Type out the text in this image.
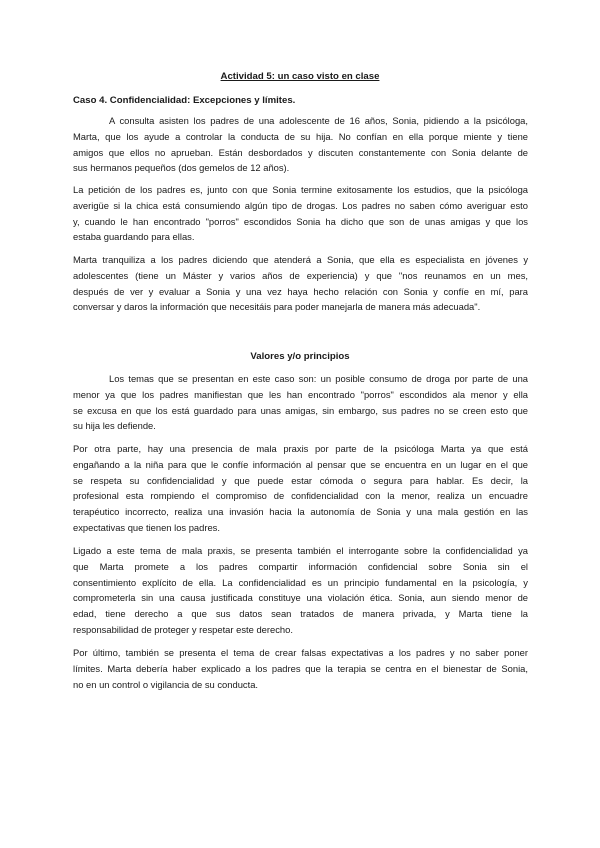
Actividad 5: un caso visto en clase
Caso 4. Confidencialidad: Excepciones y límites.

A consulta asisten los padres de una adolescente de 16 años, Sonia, pidiendo a la psicóloga,
Marta, que los ayude a controlar la conducta de su hija. No confían en ella porque miente y tiene
amigos que ellos no aprueban. Están desbordados y discuten constantemente con Sonia delante de
sus hermanos pequeños (dos gemelos de 12 años).

La petición de los padres es, junto con que Sonia termine exitosamente los estudios, que la psicóloga
averigüe si la chica está consumiendo algún tipo de drogas. Los padres no saben cómo averiguar esto
y, cuando le han encontrado "porros" escondidos Sonia ha dicho que son de unas amigas y que los
estaba guardando para ellas.

Marta tranquiliza a los padres diciendo que atenderá a Sonia, que ella es especialista en jóvenes y
adolescentes (tiene un Máster y varios años de experiencia) y que "nos reunamos en un mes,
después de ver y evaluar a Sonia y una vez haya hecho relación con Sonia y confíe en mí, para
conversar y daros la información que necesitáis para poder manejarla de manera más adecuada".

Valores y/o principios

Los temas que se presentan en este caso son: un posible consumo de droga por parte de una
menor ya que los padres manifiestan que les han encontrado "porros" escondidos ala menor y ella
se excusa en que los está guardado para unas amigas, sin embargo, sus padres no se creen esto que
su hija les defiende.

Por otra parte, hay una presencia de mala praxis por parte de la psicóloga Marta ya que está
engañando a la niña para que le confíe información al pensar que se encuentra en un lugar en el que
se respeta su confidencialidad y que puede estar cómoda o segura para hablar. Es decir, la
profesional esta rompiendo el compromiso de confidencialidad con la menor, realiza un encuadre
terapéutico incorrecto, realiza una invasión hacia la autonomía de Sonia y una mala gestión en las
expectativas que tienen los padres.

Ligado a este tema de mala praxis, se presenta también el interrogante sobre la confidencialidad ya
que Marta promete a los padres compartir información confidencial sobre Sonia sin el
consentimiento explícito de ella. La confidencialidad es un principio fundamental en la psicología, y
comprometerla sin una causa justificada constituye una violación ética. Sonia, aun siendo menor de
edad, tiene derecho a que sus datos sean tratados de manera privada, y Marta tiene la
responsabilidad de proteger y respetar este derecho.

Por último, también se presenta el tema de crear falsas expectativas a los padres y no saber poner
límites. Marta debería haber explicado a los padres que la terapia se centra en el bienestar de Sonia,
no en un control o vigilancia de su conducta.
